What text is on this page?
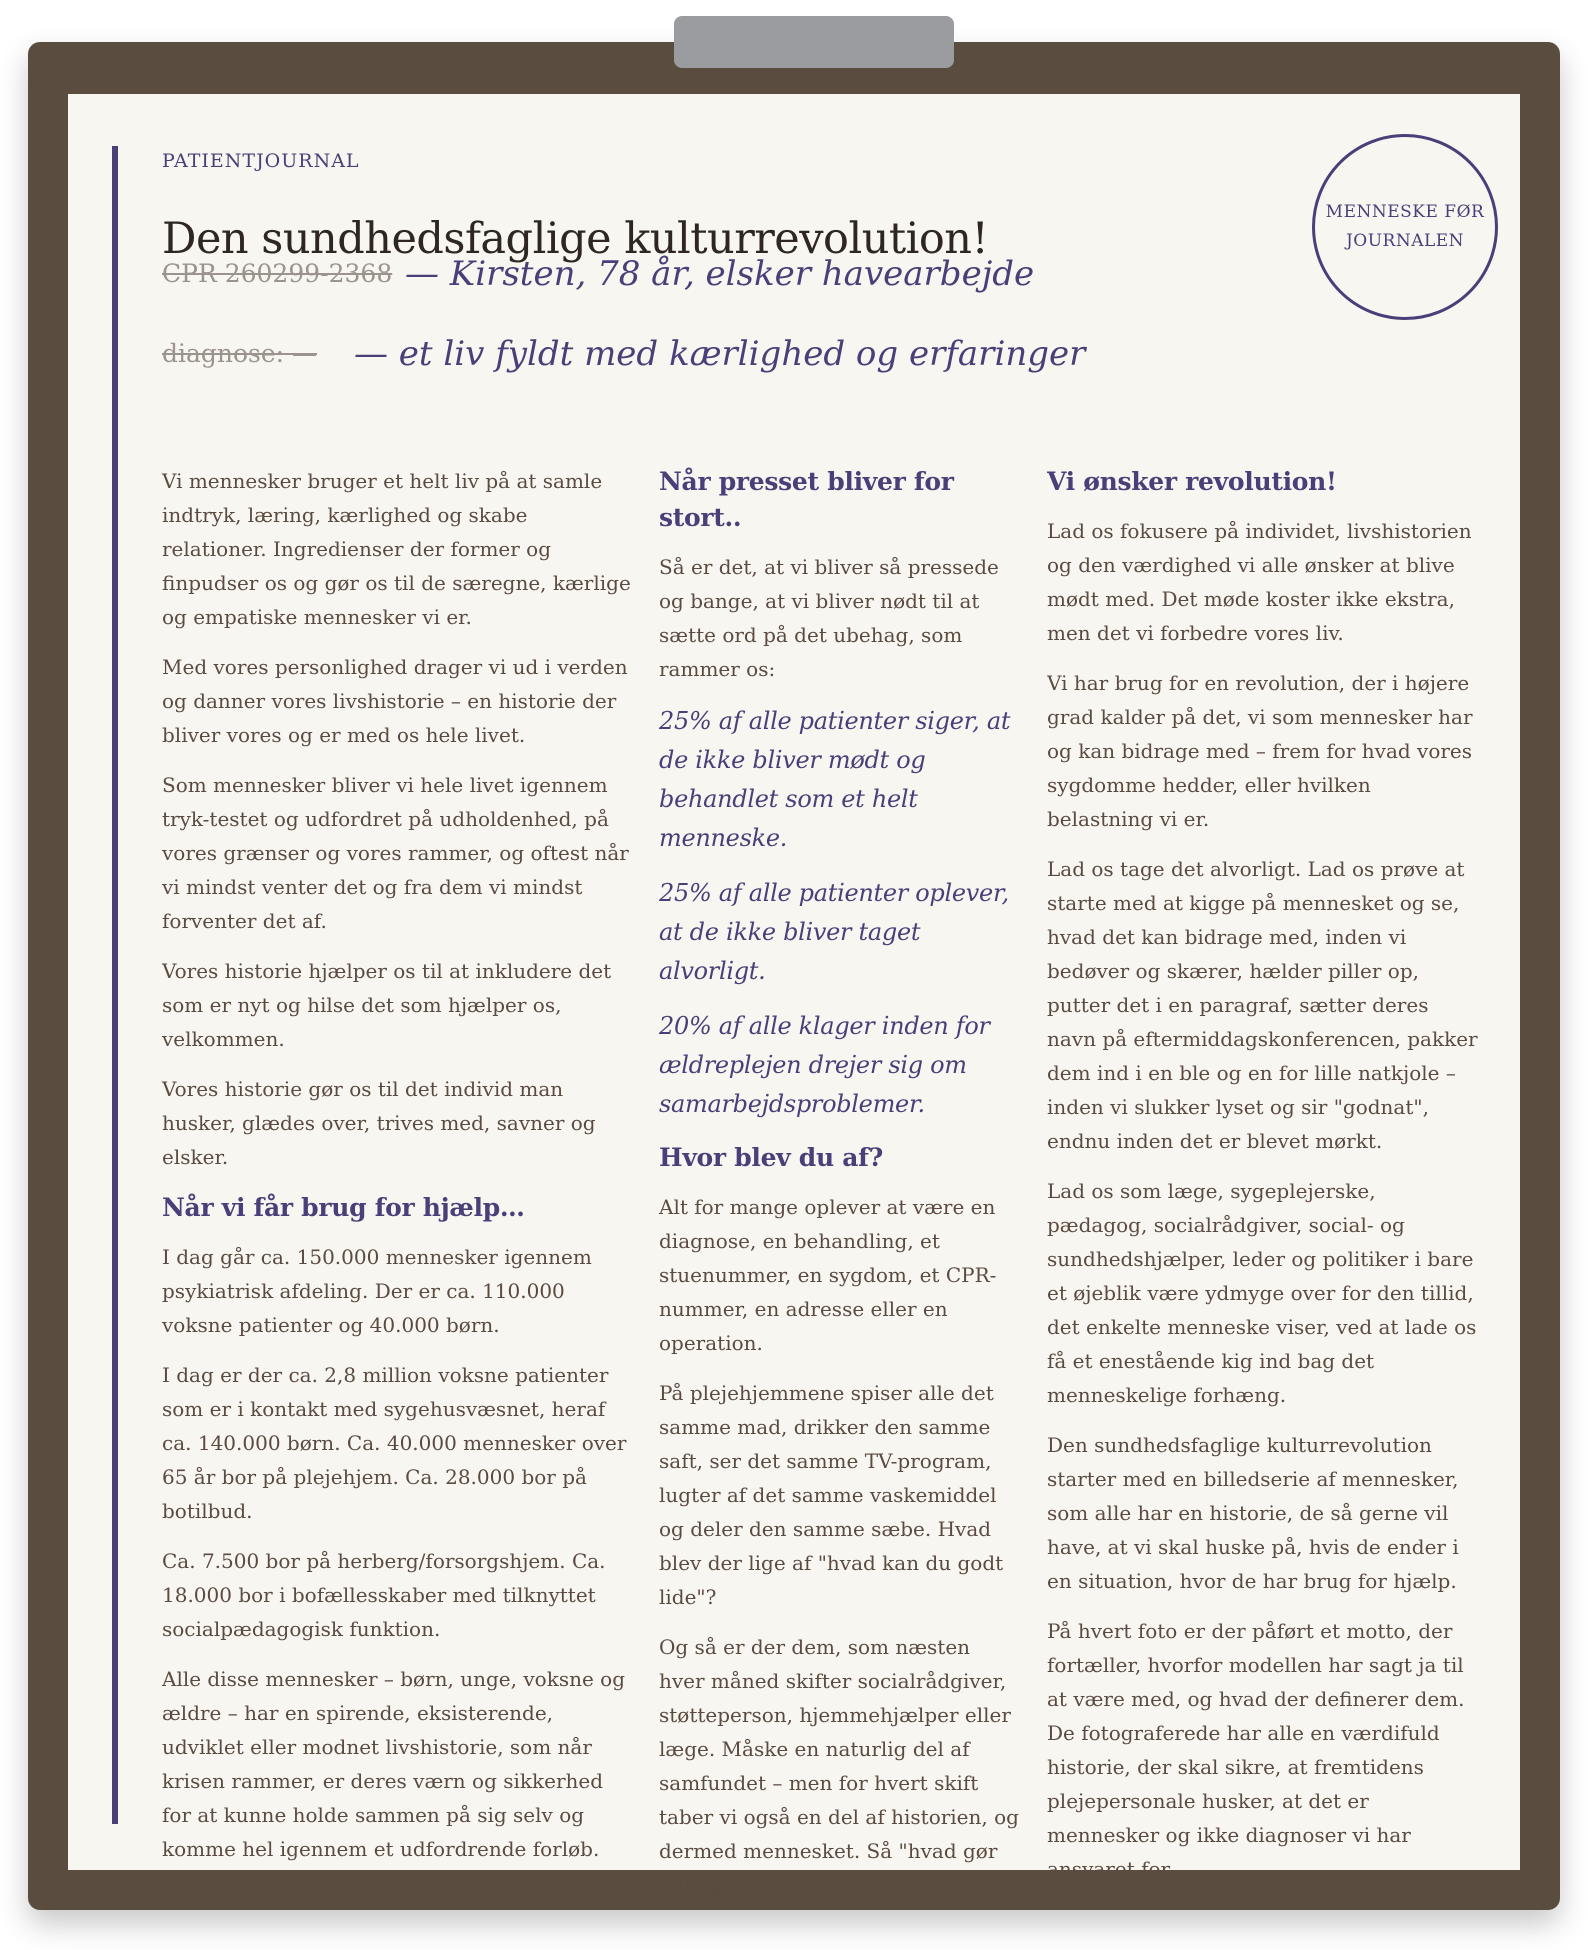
PATIENTJOURNAL
Den sundhedsfaglige kulturrevolution!
MENNESKE FØR
JOURNALEN
CPR 260299-2368 — Kirsten, 78 år, elsker havearbejde
diagnose: — — et liv fyldt med kærlighed og erfaringer

Vi mennesker bruger et helt liv på at samle indtryk, læring, kærlighed og skabe relationer. Ingredienser der former og finpudser os og gør os til de særegne, kærlige og empatiske mennesker vi er.

Med vores personlighed drager vi ud i verden og danner vores livshistorie – en historie der bliver vores og er med os hele livet.

Som mennesker bliver vi hele livet igennem tryk-testet og udfordret på udholdenhed, på vores grænser og vores rammer, og oftest når vi mindst venter det og fra dem vi mindst forventer det af.

Vores historie hjælper os til at inkludere det som er nyt og hilse det som hjælper os, velkommen.

Vores historie gør os til det individ man husker, glædes over, trives med, savner og elsker.

Når vi får brug for hjælp…

I dag går ca. 150.000 mennesker igennem psykiatrisk afdeling. Der er ca. 110.000 voksne patienter og 40.000 børn.

I dag er der ca. 2,8 million voksne patienter som er i kontakt med sygehusvæsnet, heraf ca. 140.000 børn. Ca. 40.000 mennesker over 65 år bor på plejehjem. Ca. 28.000 bor på botilbud.

Ca. 7.500 bor på herberg/forsorgshjem. Ca. 18.000 bor i bofællesskaber med tilknyttet socialpædagogisk funktion.

Alle disse mennesker – børn, unge, voksne og ældre – har en spirende, eksisterende, udviklet eller modnet livshistorie, som når krisen rammer, er deres værn og sikkerhed for at kunne holde sammen på sig selv og komme hel igennem et udfordrende forløb.

Når presset bliver for stort..

Så er det, at vi bliver så pressede og bange, at vi bliver nødt til at sætte ord på det ubehag, som rammer os:

25% af alle patienter siger, at de ikke bliver mødt og behandlet som et helt menneske.

25% af alle patienter oplever, at de ikke bliver taget alvorligt.

20% af alle klager inden for ældreplejen drejer sig om samarbejdsproblemer.

Hvor blev du af?

Alt for mange oplever at være en diagnose, en behandling, et stuenummer, en sygdom, et CPR-nummer, en adresse eller en operation.

På plejehjemmene spiser alle det samme mad, drikker den samme saft, ser det samme TV-program, lugter af det samme vaskemiddel og deler den samme sæbe. Hvad blev der lige af "hvad kan du godt lide"?

Og så er der dem, som næsten hver måned skifter socialrådgiver, støtteperson, hjemmehjælper eller læge. Måske en naturlig del af samfundet – men for hvert skift taber vi også en del af historien, og dermed mennesket. Så "hvad gør det egentligt ved dig"?

Vi ønsker revolution!

Lad os fokusere på individet, livshistorien og den værdighed vi alle ønsker at blive mødt med. Det møde koster ikke ekstra, men det vi forbedre vores liv.

Vi har brug for en revolution, der i højere grad kalder på det, vi som mennesker har og kan bidrage med – frem for hvad vores sygdomme hedder, eller hvilken belastning vi er.

Lad os tage det alvorligt. Lad os prøve at starte med at kigge på mennesket og se, hvad det kan bidrage med, inden vi bedøver og skærer, hælder piller op, putter det i en paragraf, sætter deres navn på eftermiddagskonferencen, pakker dem ind i en ble og en for lille natkjole – inden vi slukker lyset og sir "godnat", endnu inden det er blevet mørkt.

Lad os som læge, sygeplejerske, pædagog, socialrådgiver, social- og sundhedshjælper, leder og politiker i bare et øjeblik være ydmyge over for den tillid, det enkelte menneske viser, ved at lade os få et enestående kig ind bag det menneskelige forhæng.

Den sundhedsfaglige kulturrevolution starter med en billedserie af mennesker, som alle har en historie, de så gerne vil have, at vi skal huske på, hvis de ender i en situation, hvor de har brug for hjælp.

På hvert foto er der påført et motto, der fortæller, hvorfor modellen har sagt ja til at være med, og hvad der definerer dem. De fotograferede har alle en værdifuld historie, der skal sikre, at fremtidens plejepersonale husker, at det er mennesker og ikke diagnoser vi har ansvaret for.
